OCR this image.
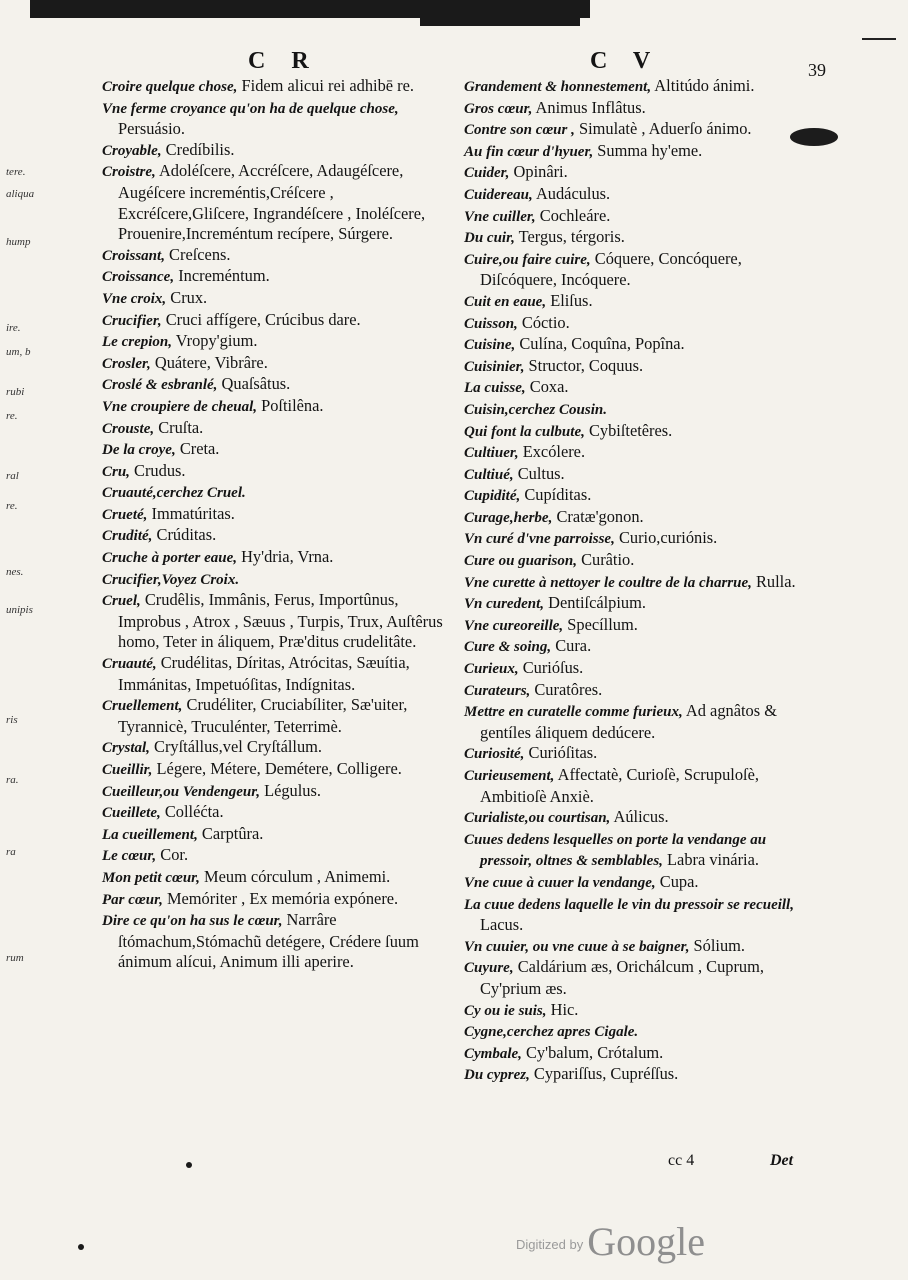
tere.
aliqua
hump
ire.
um, b
rubi
re.
ral
re.
nes.
unipis
ris
ra.
ra
rum
C R	C V	39

Croire quelque chose, Fidem alicui rei adhibē re.

Vne ferme croyance qu'on ha de quelque chose, Persuásio.

Croyable, Credíbilis.

Croistre, Adoléſcere, Accréſcere, Adaugéſcere, Augéſcere increméntis,Créſcere , Excréſcere,Gliſcere, Ingrandéſcere , Inoléſcere, Prouenire,Increméntum recípere, Súrgere.

Croissant, Creſcens.

Croissance, Increméntum.

Vne croix, Crux.

Crucifier, Cruci affígere, Crúcibus dare.

Le crepion, Vropy'gium.

Crosler, Quátere, Vibrâre.

Croslé & esbranlé, Quaſsâtus.

Vne croupiere de cheual, Poſtilêna.

Crouste, Cruſta.

De la croye, Creta.

Cru, Crudus.

Cruauté,cerchez Cruel.

Crueté, Immatúritas.

Crudité, Crúditas.

Cruche à porter eaue, Hy'dria, Vrna.

Crucifier,Voyez Croix.

Cruel, Crudêlis, Immânis, Ferus, Importûnus, Improbus , Atrox , Sæuus , Turpis, Trux, Auſtêrus homo, Teter in áliquem, Præ'ditus crudelitâte.

Cruauté, Crudélitas, Díritas, Atrócitas, Sæuítia, Immánitas, Impetuóſitas, Indígnitas.

Cruellement, Crudéliter, Cruciabíliter, Sæ'uiter, Tyrannicè, Truculénter, Teterrimè.

Crystal, Cryſtállus,vel Cryſtállum.

Cueillir, Légere, Métere, Demétere, Colligere.

Cueilleur,ou Vendengeur, Légulus.

Cueillete, Colléćta.

La cueillement, Carptûra.

Le cœur, Cor.

Mon petit cœur, Meum córculum , Animemi.

Par cœur, Memóriter , Ex memória expónere.

Dire ce qu'on ha sus le cœur, Narrâre ſtómachum,Stómachũ detégere, Crédere ſuum ánimum alícui, Animum illi aperire.

Grandement & honnestement, Altitúdo ánimi.

Gros cœur, Animus Inflâtus.

Contre son cœur , Simulatè , Aduerſo ánimo.

Au fin cœur d'hyuer, Summa hy'eme.

Cuider, Opinâri.

Cuidereau, Audáculus.

Vne cuiller, Cochleáre.

Du cuir, Tergus, térgoris.

Cuire,ou faire cuire, Cóquere, Concóquere, Diſcóquere, Incóquere.

Cuit en eaue, Eliſus.

Cuisson, Cóctio.

Cuisine, Culína, Coquîna, Popîna.

Cuisinier, Structor, Coquus.

La cuisse, Coxa.

Cuisin,cerchez Cousin.

Qui font la culbute, Cybiſtetêres.

Cultiuer, Excólere.

Cultiué, Cultus.

Cupidité, Cupíditas.

Curage,herbe, Cratæ'gonon.

Vn curé d'vne parroisse, Curio,curiónis.

Cure ou guarison, Curâtio.

Vne curette à nettoyer le coultre de la charrue, Rulla.

Vn curedent, Dentiſcálpium.

Vne cureoreille, Specíllum.

Cure & soing, Cura.

Curieux, Curióſus.

Curateurs, Curatôres.

Mettre en curatelle comme furieux, Ad agnâtos & gentíles áliquem dedúcere.

Curiosité, Curióſitas.

Curieusement, Affectatè, Curioſè, Scrupuloſè, Ambitioſè Anxiè.

Curialiste,ou courtisan, Aúlicus.

Cuues dedens lesquelles on porte la vendange au pressoir, oltnes & semblables, Labra vinária.

Vne cuue à cuuer la vendange, Cupa.

La cuue dedens laquelle le vin du pressoir se recueill, Lacus.

Vn cuuier, ou vne cuue à se baigner, Sólium.

Cuyure, Caldárium æs, Orichálcum , Cuprum, Cy'prium æs.

Cy ou ie suis, Hic.

Cygne,cerchez apres Cigale.

Cymbale, Cy'balum, Crótalum.

Du cyprez, Cypariſſus, Cupréſſus.

cc 4	Det
$^{Digitized by}$ Google
